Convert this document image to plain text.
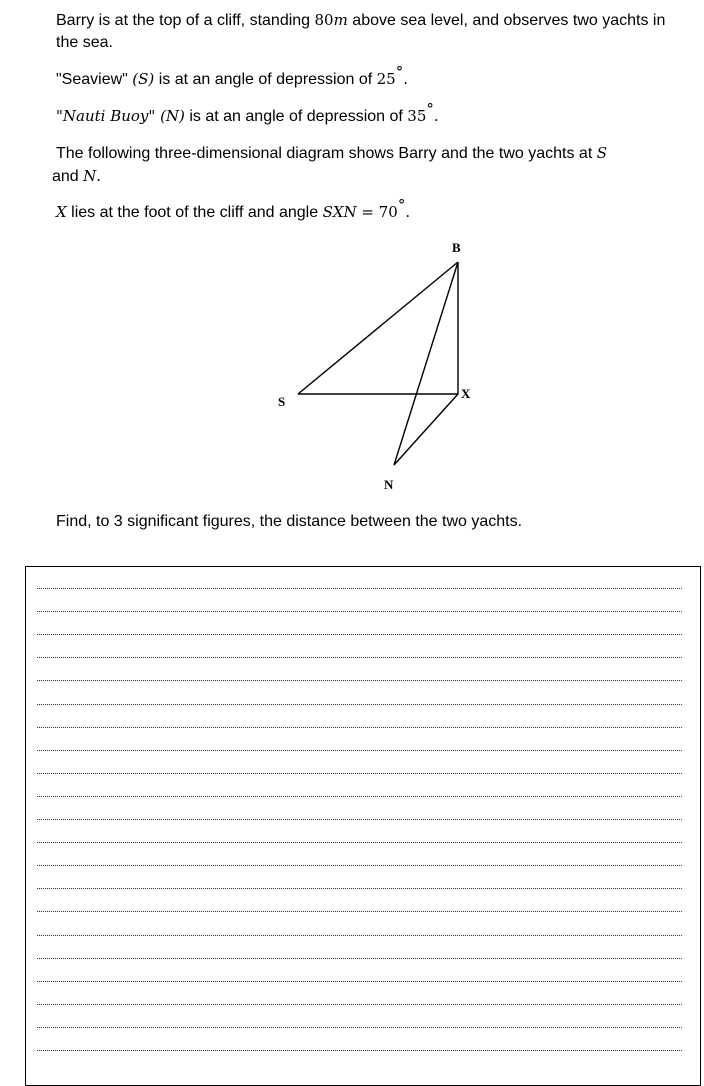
Barry is at the top of a cliff, standing 80m above sea level, and observes two yachts in the sea.

"Seaview" (S) is at an angle of depression of 25°.

"Nauti Buoy" (N) is at an angle of depression of 35°.

The following three-dimensional diagram shows Barry and the two yachts at S
and N.

X lies at the foot of the cliff and angle SXN = 70°.

Find, to 3 significant figures, the distance between the two yachts.

B
S
X
N
